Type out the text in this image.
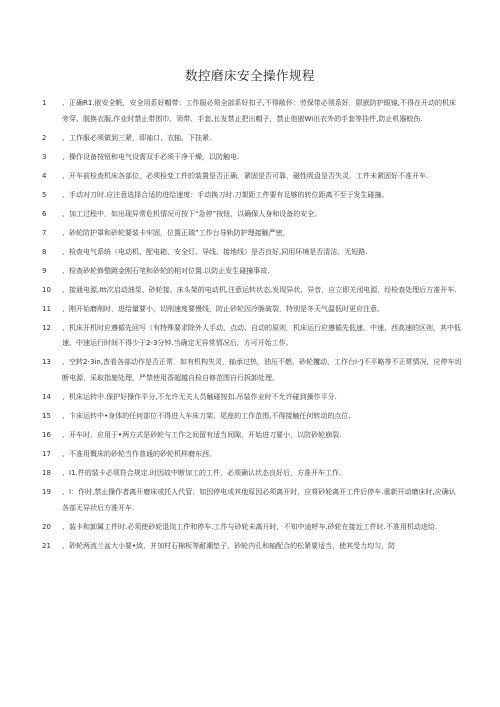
数控磨床安全操作规程
1	、正确R1.嵌安全帆，安全用系好帽带：工作服必须全部系好扣子,不得敞怀：劳保带必须系好，限嵌防护眼镜,不得在开动的机床旁穿、脱换衣服,作业时禁止带围巾、领带、手套,长发禁止把出帽子，禁止他嵌Wi出衣外的手套等挂件,防止机器蛟伤.
2	、工作服必须做到三紧，即袖口、衣轴、下挂紧.
3	、操作设备按钮和电气设需双手必须干净干燥，以防触电.
4	、开车前检查机床各部位，必须检变工件的装置是否正确，紧固是否可靠，磁性吸盘是否失灵，工件未紧固好不准开车.
5	、手动对刀时.应注意选择合适的进给速度：手动换刀时.刀架距工件要有足够的转位距离不至于发生碰撞。
6	、加工过程中，如出现异常危机情况可按下“急停”按钮，以确保人身和设备的安全。
7	、砂轮防护罩和砂轮要装卡牢固，位置正瑞”工作台导轨防护理接触严密，
8	、检查电气系统（电动机、配电箱、安全灯、导线、接地线）是否良好,同用环境是否清洁、无短路.
9	、检查砂轮修整跳金刚石笔和砂轮的相对位置.以防止发生碰撞事故.
10	、接通电源,Itt次启动油泵、砂轮接、床头架的电动机,注意运转状态,发现异状、异音，应立即关闭电源，经检查处理后方准开车.
11	、刚开始磨削时，进给量要小，切削速度要慢线，防止砂轮因冷脆破裂，特别是冬天气温低时更应注意。
12	、机床开机时应遵循先回写（有特殊要求除外人手动、点动、自动的原则．机床运行应遵循先低速、中速、西高速的区则，其中低速、中速运行时间不得少于2-3分钟.当确定无异常情况后，方可开始工作。
13	、空转2-3in,杳看各部动作是否正常．如有机构失灵，轴承过热，油压不燃，砂轮攫动，工作台i-'J不平略等不正常情况，应停车切断电源，采取指施处理，严禁使用香超越自检自修范围自行拆卸处理。
14	、机床运转中.保护好操作平分,不允许无关人员触碰按扣.吊装作业时不允许碰到操作平分.
15	、卞床运转中•身体的任何部位不得进入车床刀架、尾座的工作范围,不得接触任何转动的点位.
16	、开车时，应用于•两方式是砂轮与工作之间留有适当间隙，开始进刀要小，以防砂轮崩裂.
17	、不准用慨床的砂轮当作普通的砂轮机样磨东西。
18	、I1.件的装卡必须符合规定.时因故中断加工的工件，必须确认状态良好后，方准开车工作。
19	、I：作时,禁止操作者离开磨床或托人代管．如因停电或其他原因必须离开时，应将砂轮离开工件后停车.重新开动磨床时,应确认各部无异状后方准开车.
20	、装卡和卸属工件时.必须使砂轮退岗工件和停车.工作与砂轮未离开时，不知中途呼车.砂轮在接近工件时.不准用机动进给.
21	、砂轮两流兰盆大小要•致，并加村石棉板等耐潮垫子，砂轮内孔和轴配合的松紧要适当，使其受力均匀，防
